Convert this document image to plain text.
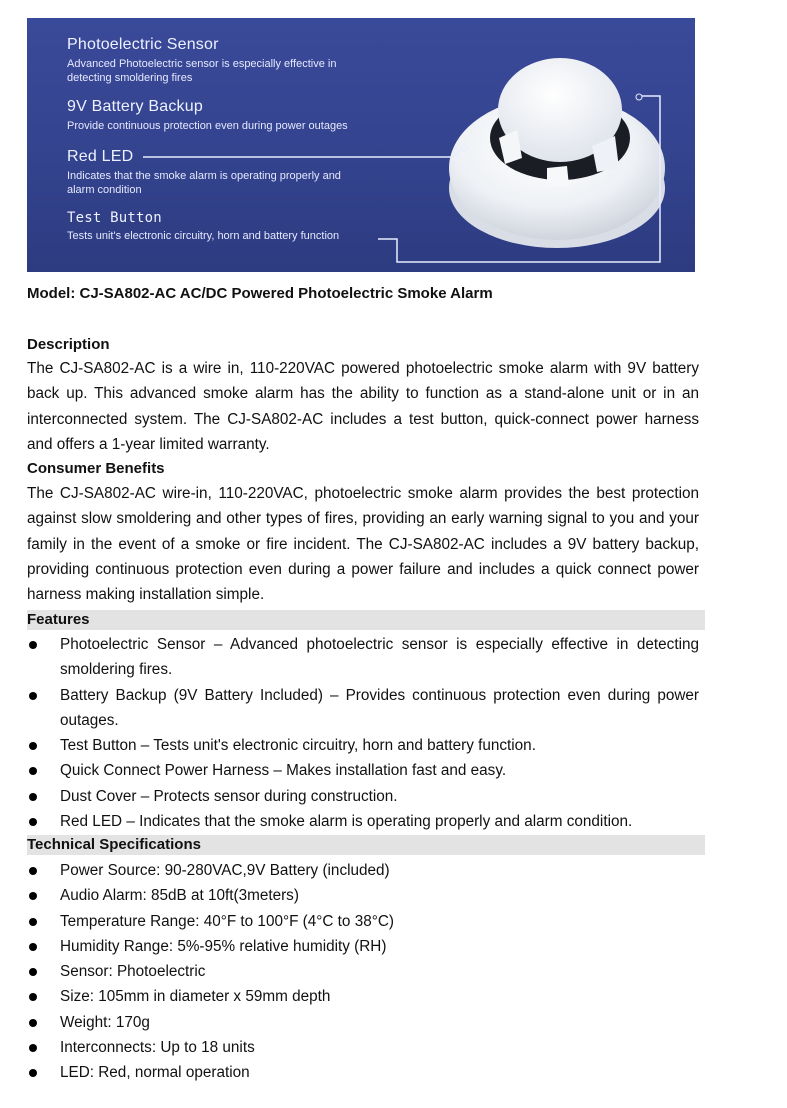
Photoelectric Sensor
Advanced Photoelectric sensor is especially effective in detecting smoldering fires
9V Battery Backup
Provide continuous protection even during power outages
Red LED
Indicates that the smoke alarm is operating properly and alarm condition
Test Button
Tests unit's electronic circuitry, horn and battery function
Model: CJ-SA802-AC AC/DC Powered Photoelectric Smoke Alarm
Description
The CJ-SA802-AC is a wire in, 110-220VAC powered photoelectric smoke alarm with 9V battery back up. This advanced smoke alarm has the ability to function as a stand-alone unit or in an interconnected system. The CJ-SA802-AC includes a test button, quick-connect power harness and offers a 1-year limited warranty.
Consumer Benefits
The CJ-SA802-AC wire-in, 110-220VAC, photoelectric smoke alarm provides the best protection against slow smoldering and other types of fires, providing an early warning signal to you and your family in the event of a smoke or fire incident. The CJ-SA802-AC includes a 9V battery backup, providing continuous protection even during a power failure and includes a quick connect power harness making installation simple.
Features
Photoelectric Sensor – Advanced photoelectric sensor is especially effective in detecting smoldering fires.
Battery Backup (9V Battery Included) – Provides continuous protection even during power outages.
Test Button – Tests unit's electronic circuitry, horn and battery function.
Quick Connect Power Harness – Makes installation fast and easy.
Dust Cover – Protects sensor during construction.
Red LED – Indicates that the smoke alarm is operating properly and alarm condition.
Technical Specifications
Power Source: 90-280VAC,9V Battery (included)
Audio Alarm: 85dB at 10ft(3meters)
Temperature Range: 40°F to 100°F (4°C to 38°C)
Humidity Range: 5%-95% relative humidity (RH)
Sensor: Photoelectric
Size: 105mm in diameter x 59mm depth
Weight: 170g
Interconnects: Up to 18 units
LED: Red, normal operation
